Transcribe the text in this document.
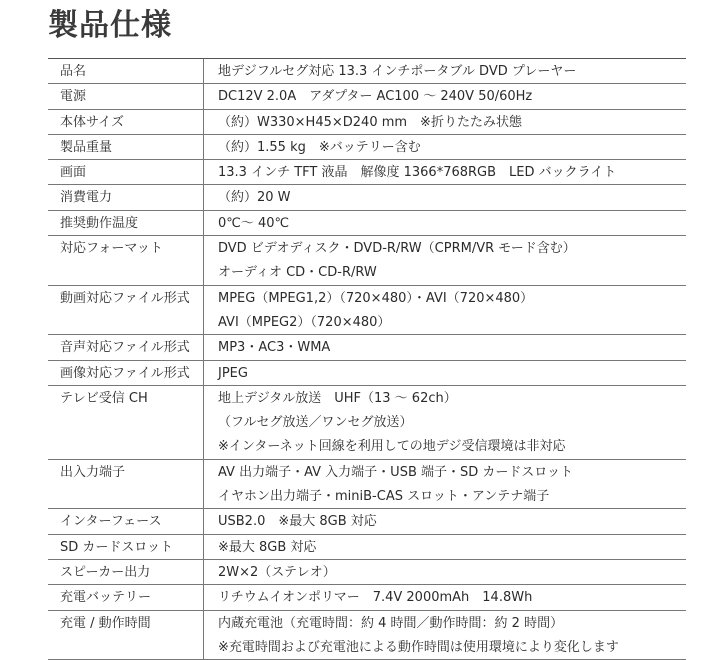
製品仕様
品名	地デジフルセグ対応 13.3 インチポータブル DVD プレーヤー
電源	DC12V 2.0A　アダプター AC100 ～ 240V 50/60Hz
本体サイズ	（約）W330×H45×D240 mm　※折りたたみ状態
製品重量	（約）1.55 kg　※バッテリー含む
画面	13.3 インチ TFT 液晶　解像度 1366*768RGB　LED バックライト
消費電力	（約）20 W
推奨動作温度	0℃～ 40℃
対応フォーマット	DVD ビデオディスク・DVD-R/RW（CPRM/VR モード含む）
オーディオ CD・CD-R/RW
動画対応ファイル形式	MPEG（MPEG1,2）（720×480）・AVI（720×480）
AVI（MPEG2）（720×480）
音声対応ファイル形式	MP3・AC3・WMA
画像対応ファイル形式	JPEG
テレビ受信 CH	地上デジタル放送　UHF（13 ～ 62ch）
（フルセグ放送／ワンセグ放送）
※インターネット回線を利用しての地デジ受信環境は非対応
出入力端子	AV 出力端子・AV 入力端子・USB 端子・SD カードスロット
イヤホン出力端子・miniB-CAS スロット・アンテナ端子
インターフェース	USB2.0　※最大 8GB 対応
SD カードスロット	※最大 8GB 対応
スピーカー出力	2W×2（ステレオ）
充電バッテリー	リチウムイオンポリマー　7.4V 2000mAh　14.8Wh
充電 / 動作時間	内蔵充電池（充電時間：約 4 時間／動作時間：約 2 時間）
※充電時間および充電池による動作時間は使用環境により変化します
